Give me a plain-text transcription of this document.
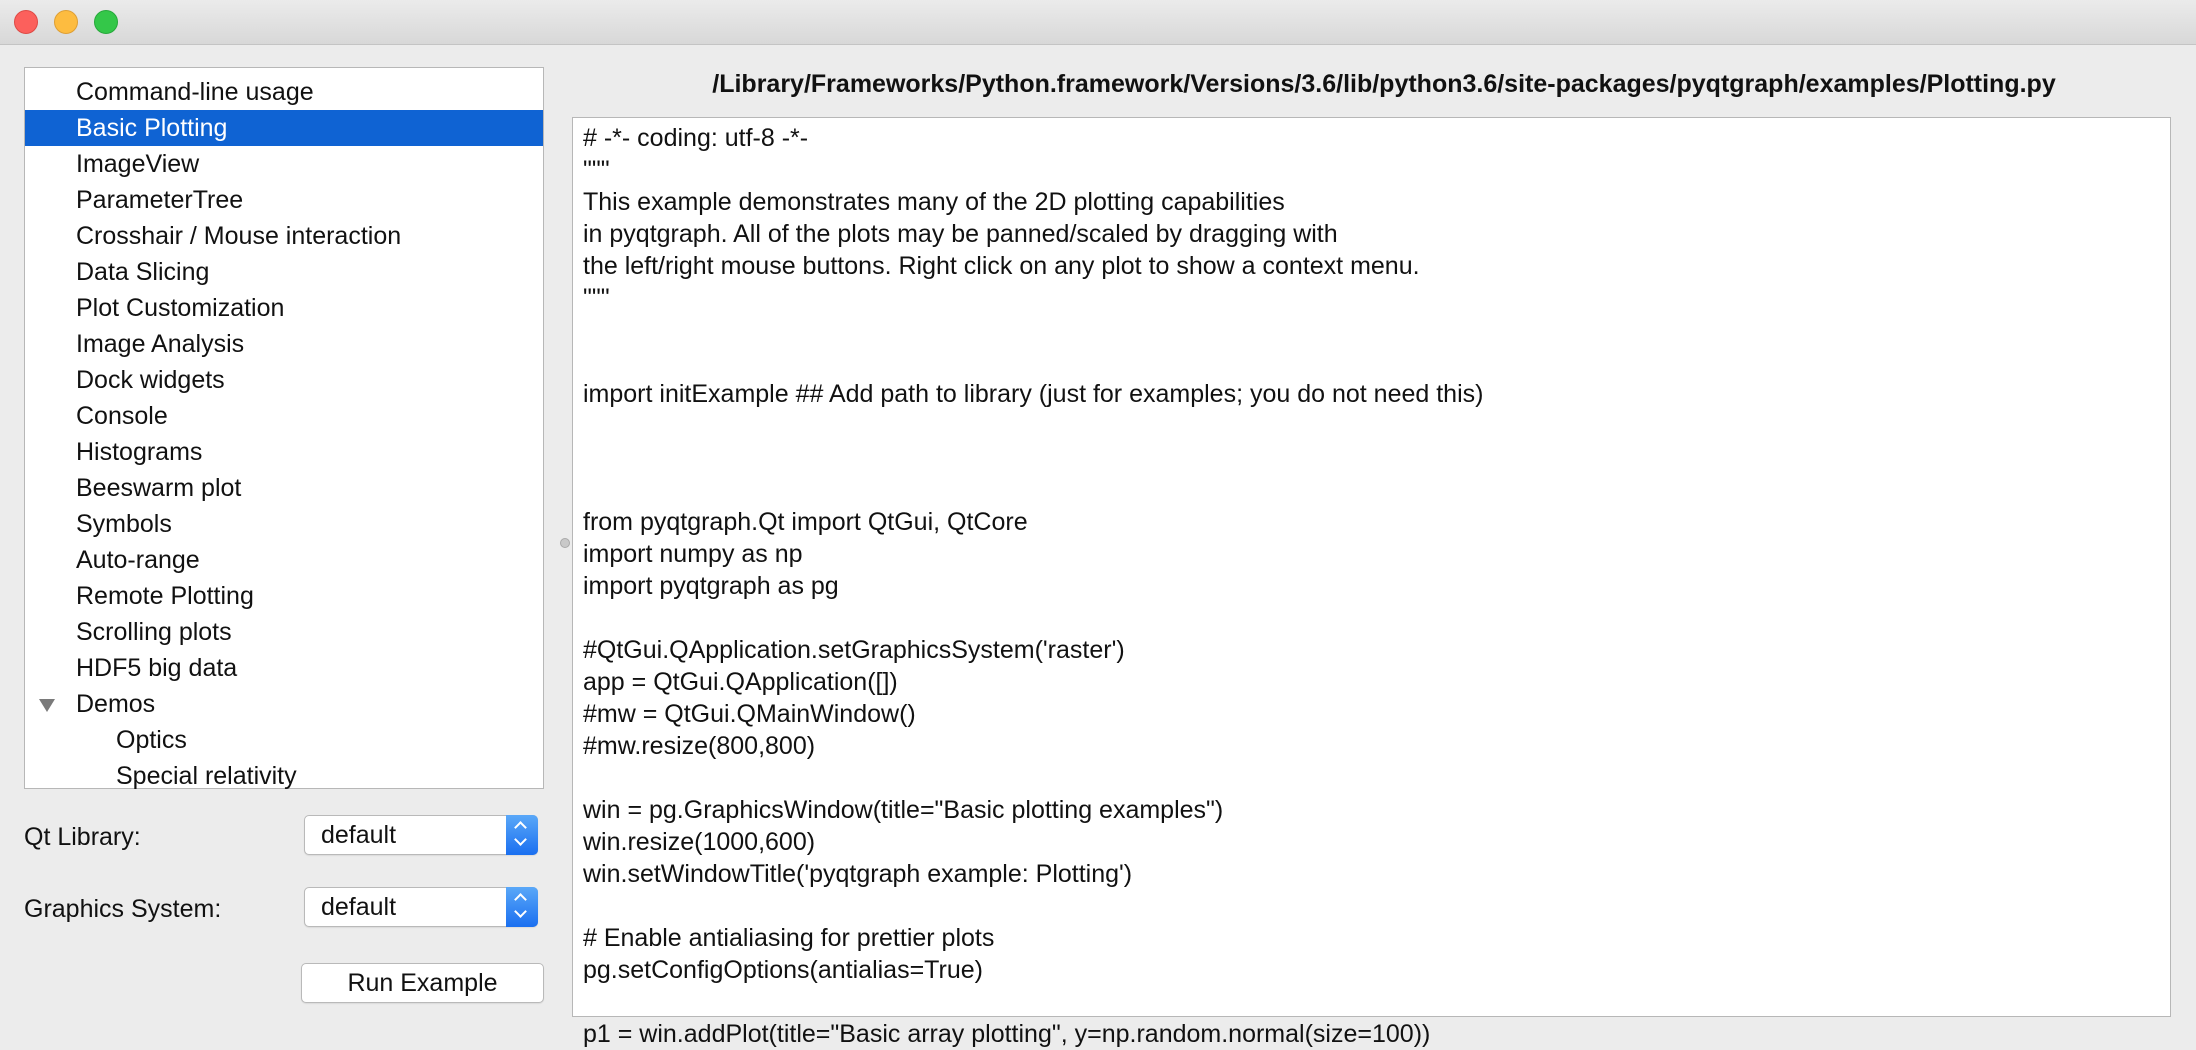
Command-line usage
Basic Plotting
ImageView
ParameterTree
Crosshair / Mouse interaction
Data Slicing
Plot Customization
Image Analysis
Dock widgets
Console
Histograms
Beeswarm plot
Symbols
Auto-range
Remote Plotting
Scrolling plots
HDF5 big data
Demos
Optics
Special relativity
Qt Library:	default
Graphics System:	default
Run Example
/Library/Frameworks/Python.framework/Versions/3.6/lib/python3.6/site-packages/pyqtgraph/examples/Plotting.py
# -*- coding: utf-8 -*-
"""
This example demonstrates many of the 2D plotting capabilities
in pyqtgraph. All of the plots may be panned/scaled by dragging with
the left/right mouse buttons. Right click on any plot to show a context menu.
"""
import initExample ## Add path to library (just for examples; you do not need this)
from pyqtgraph.Qt import QtGui, QtCore
import numpy as np
import pyqtgraph as pg
#QtGui.QApplication.setGraphicsSystem('raster')
app = QtGui.QApplication([])
#mw = QtGui.QMainWindow()
#mw.resize(800,800)
win = pg.GraphicsWindow(title="Basic plotting examples")
win.resize(1000,600)
win.setWindowTitle('pyqtgraph example: Plotting')
# Enable antialiasing for prettier plots
pg.setConfigOptions(antialias=True)
p1 = win.addPlot(title="Basic array plotting", y=np.random.normal(size=100))
